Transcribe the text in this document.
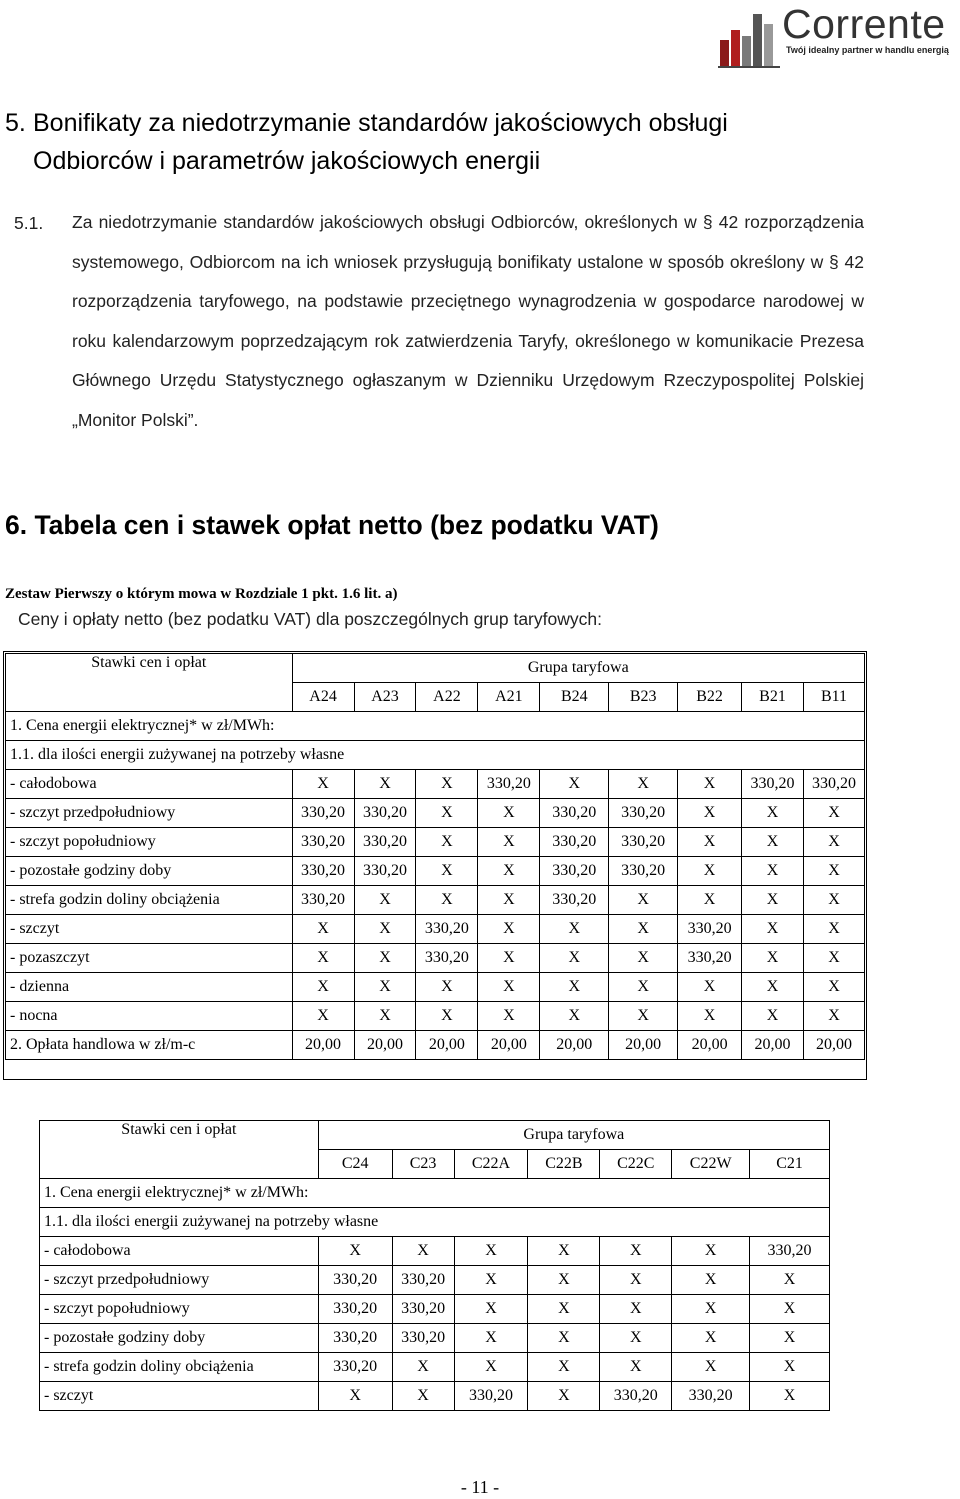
Corrente
Twój idealny partner w handlu energią
5. Bonifikaty za niedotrzymanie standardów jakościowych obsługi
Odbiorców i parametrów jakościowych energii
5.1. Za niedotrzymanie standardów jakościowych obsługi Odbiorców, określonych w § 42 rozporządzenia systemowego, Odbiorcom na ich wniosek przysługują bonifikaty ustalone w sposób określony w § 42 rozporządzenia taryfowego, na podstawie przeciętnego wynagrodzenia w gospodarce narodowej w roku kalendarzowym poprzedzającym rok zatwierdzenia Taryfy, określonego w komunikacie Prezesa Głównego Urzędu Statystycznego ogłaszanym w Dzienniku Urzędowym Rzeczypospolitej Polskiej „Monitor Polski”.
6. Tabela cen i stawek opłat netto (bez podatku VAT)
Zestaw Pierwszy o którym mowa w Rozdziale 1 pkt. 1.6 lit. a)
Ceny i opłaty netto (bez podatku VAT) dla poszczególnych grup taryfowych:
Stawki cen i opłat	Grupa taryfowa								
	A24	A23	A22	A21	B24	B23	B22	B21	B11
1. Cena energii elektrycznej* w zł/MWh:									
1.1. dla ilości energii zużywanej na potrzeby własne									
- całodobowa	X	X	X	330,20	X	X	X	330,20	330,20
- szczyt przedpołudniowy	330,20	330,20	X	X	330,20	330,20	X	X	X
- szczyt popołudniowy	330,20	330,20	X	X	330,20	330,20	X	X	X
- pozostałe godziny doby	330,20	330,20	X	X	330,20	330,20	X	X	X
- strefa godzin doliny obciążenia	330,20	X	X	X	330,20	X	X	X	X
- szczyt	X	X	330,20	X	X	X	330,20	X	X
- pozaszczyt	X	X	330,20	X	X	X	330,20	X	X
- dzienna	X	X	X	X	X	X	X	X	X
- nocna	X	X	X	X	X	X	X	X	X
2. Opłata handlowa w zł/m-c	20,00	20,00	20,00	20,00	20,00	20,00	20,00	20,00	20,00
Stawki cen i opłat	Grupa taryfowa						
	C24	C23	C22A	C22B	C22C	C22W	C21
1. Cena energii elektrycznej* w zł/MWh:							
1.1. dla ilości energii zużywanej na potrzeby własne							
- całodobowa	X	X	X	X	X	X	330,20
- szczyt przedpołudniowy	330,20	330,20	X	X	X	X	X
- szczyt popołudniowy	330,20	330,20	X	X	X	X	X
- pozostałe godziny doby	330,20	330,20	X	X	X	X	X
- strefa godzin doliny obciążenia	330,20	X	X	X	X	X	X
- szczyt	X	X	330,20	X	330,20	330,20	X
- 11 -
